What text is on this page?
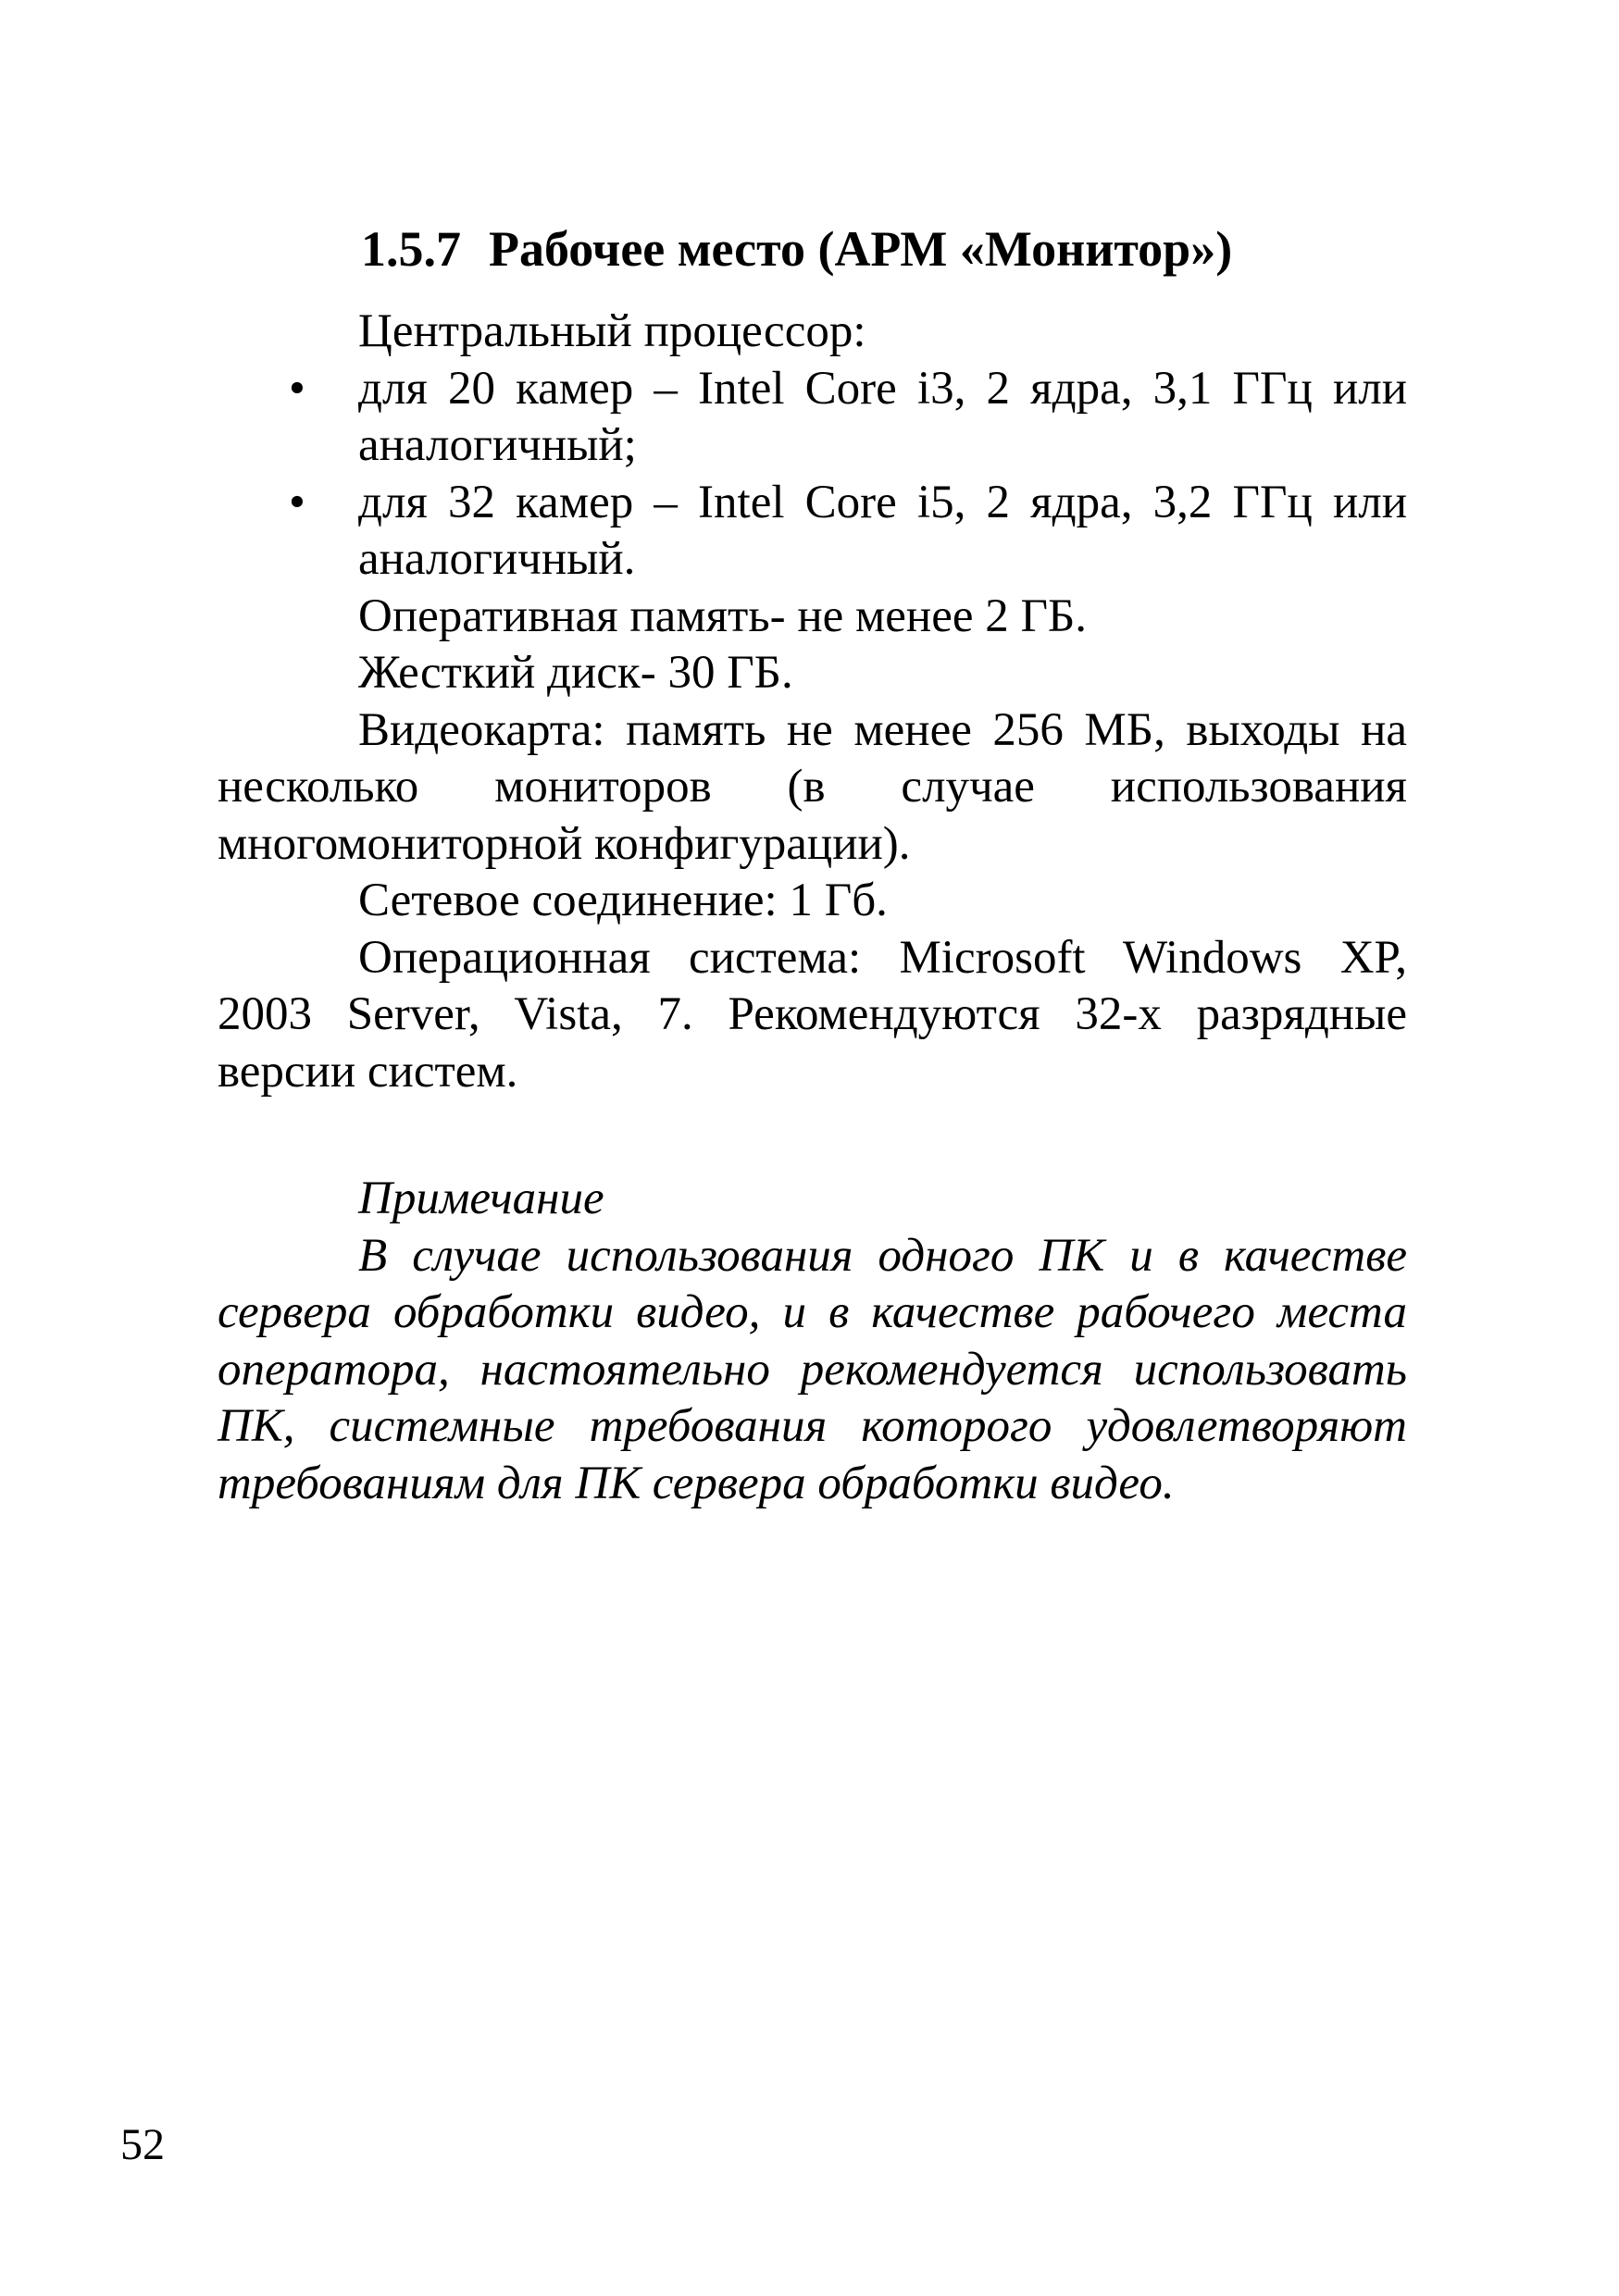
1.5.7 Рабочее место (АРМ «Монитор»)

Центральный процессор:

• для 20 камер – Intel Core i3, 2 ядра, 3,1 ГГц или аналогичный;
• для 32 камер – Intel Core i5, 2 ядра, 3,2 ГГц или аналогичный.

Оперативная память- не менее 2 ГБ.

Жесткий диск- 30 ГБ.

Видеокарта: память не менее 256 МБ, выходы на несколько мониторов (в случае использования многомониторной конфигурации).

Сетевое соединение: 1 Гб.

Операционная система: Microsoft Windows XP, 2003 Server, Vista, 7. Рекомендуются 32-х разрядные версии систем.

Примечание

В случае использования одного ПК и в качестве сервера обработки видео, и в качестве рабочего места оператора, настоятельно рекомендуется использовать ПК, системные требования которого удовлетворяют требованиям для ПК сервера обработки видео.

52
